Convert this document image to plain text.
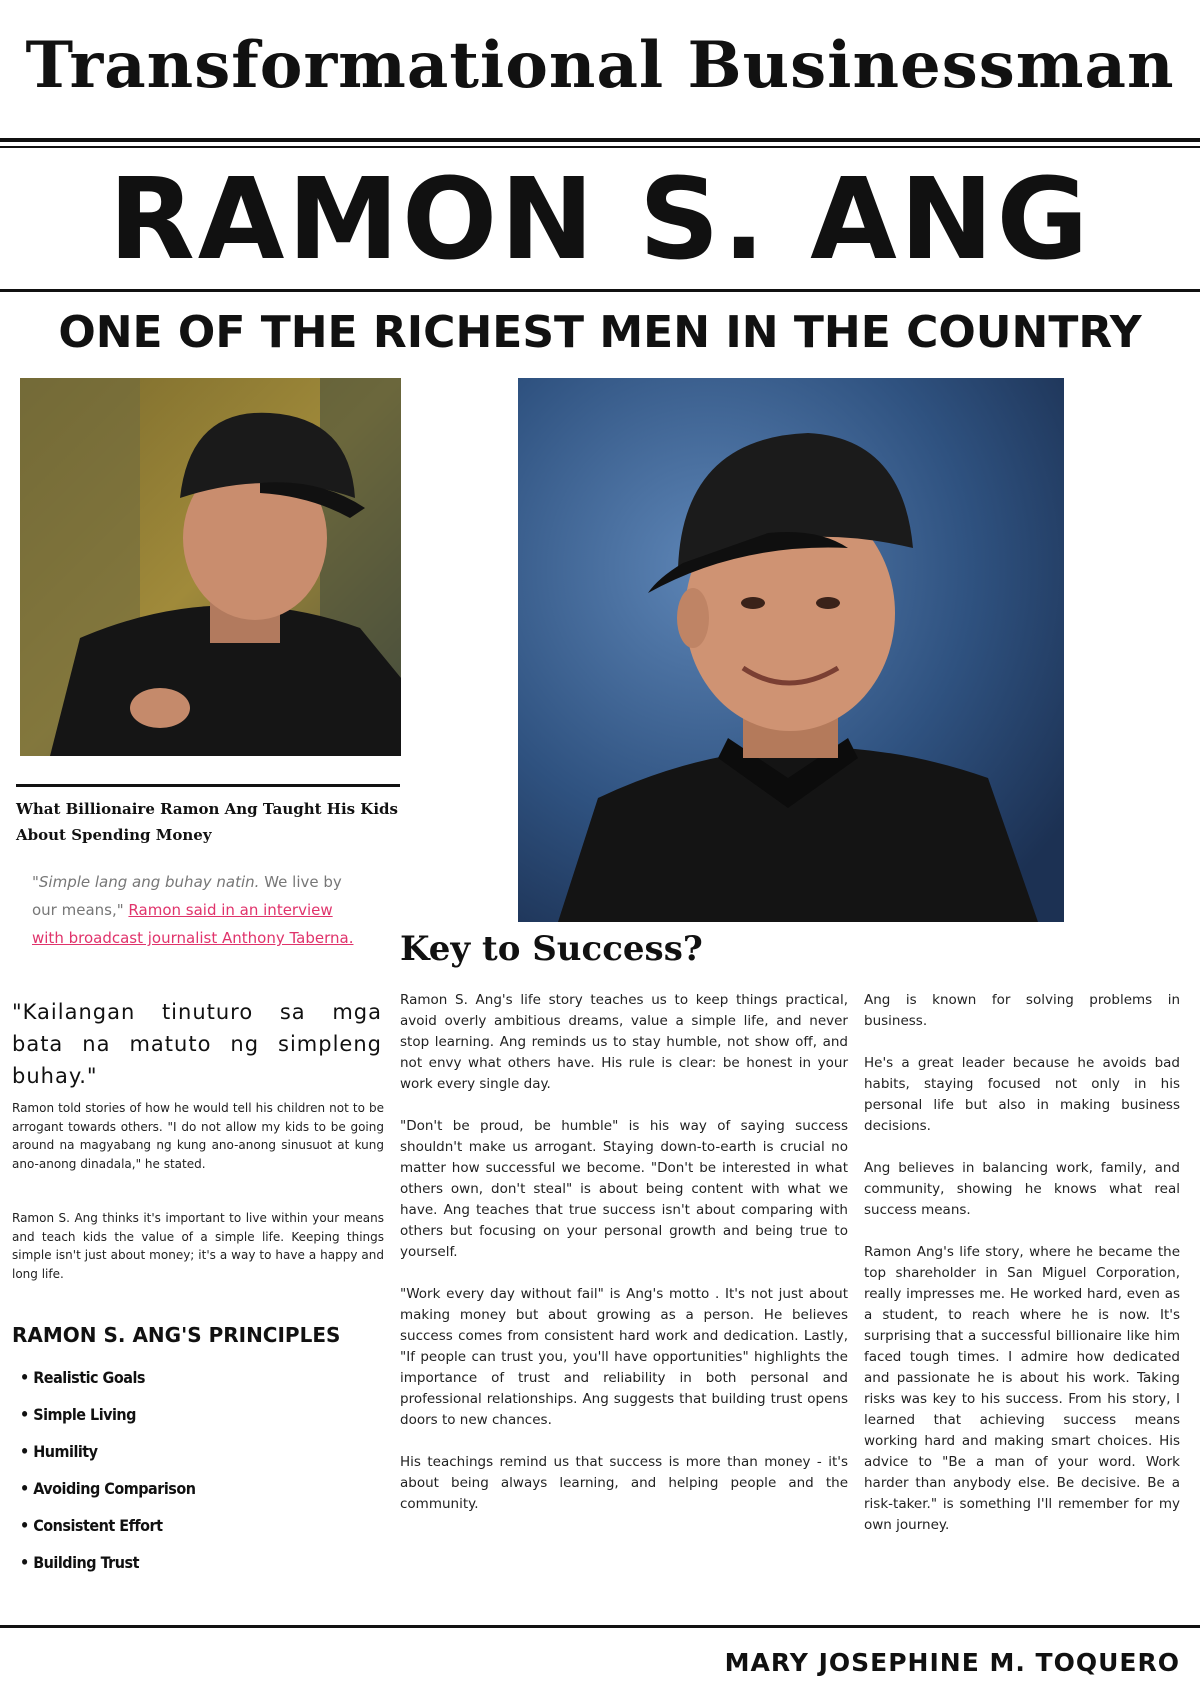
Transformational Businessman
RAMON S. ANG
ONE OF THE RICHEST MEN IN THE COUNTRY
What Billionaire Ramon Ang Taught His Kids
About Spending Money
"Simple lang ang buhay natin. We live by our means," Ramon said in an interview with broadcast journalist Anthony Taberna.
"Kailangan tinuturo sa mga bata na matuto ng simpleng buhay."
Ramon told stories of how he would tell his children not to be arrogant towards others. "I do not allow my kids to be going around na magyabang ng kung ano-anong sinusuot at kung ano-anong dinadala," he stated.
Ramon S. Ang thinks it's important to live within your means and teach kids the value of a simple life. Keeping things simple isn't just about money; it's a way to have a happy and long life.
RAMON S. ANG'S PRINCIPLES
• Realistic Goals
• Simple Living
• Humility
• Avoiding Comparison
• Consistent Effort
• Building Trust
Key to Success?

Ramon S. Ang's life story teaches us to keep things practical, avoid overly ambitious dreams, value a simple life, and never stop learning. Ang reminds us to stay humble, not show off, and not envy what others have. His rule is clear: be honest in your work every single day.

"Don't be proud, be humble" is his way of saying success shouldn't make us arrogant. Staying down-to-earth is crucial no matter how successful we become. "Don't be interested in what others own, don't steal" is about being content with what we have. Ang teaches that true success isn't about comparing with others but focusing on your personal growth and being true to yourself.

"Work every day without fail" is Ang's motto . It's not just about making money but about growing as a person. He believes success comes from consistent hard work and dedication. Lastly, "If people can trust you, you'll have opportunities" highlights the importance of trust and reliability in both personal and professional relationships. Ang suggests that building trust opens doors to new chances.

His teachings remind us that success is more than money - it's about being always learning, and helping people and the community.

Ang is known for solving problems in business.

He's a great leader because he avoids bad habits, staying focused not only in his personal life but also in making business decisions.

Ang believes in balancing work, family, and community, showing he knows what real success means.

Ramon Ang's life story, where he became the top shareholder in San Miguel Corporation, really impresses me. He worked hard, even as a student, to reach where he is now. It's surprising that a successful billionaire like him faced tough times. I admire how dedicated and passionate he is about his work. Taking risks was key to his success. From his story, I learned that achieving success means working hard and making smart choices. His advice to "Be a man of your word. Work harder than anybody else. Be decisive. Be a risk-taker." is something I'll remember for my own journey.

MARY JOSEPHINE M. TOQUERO
